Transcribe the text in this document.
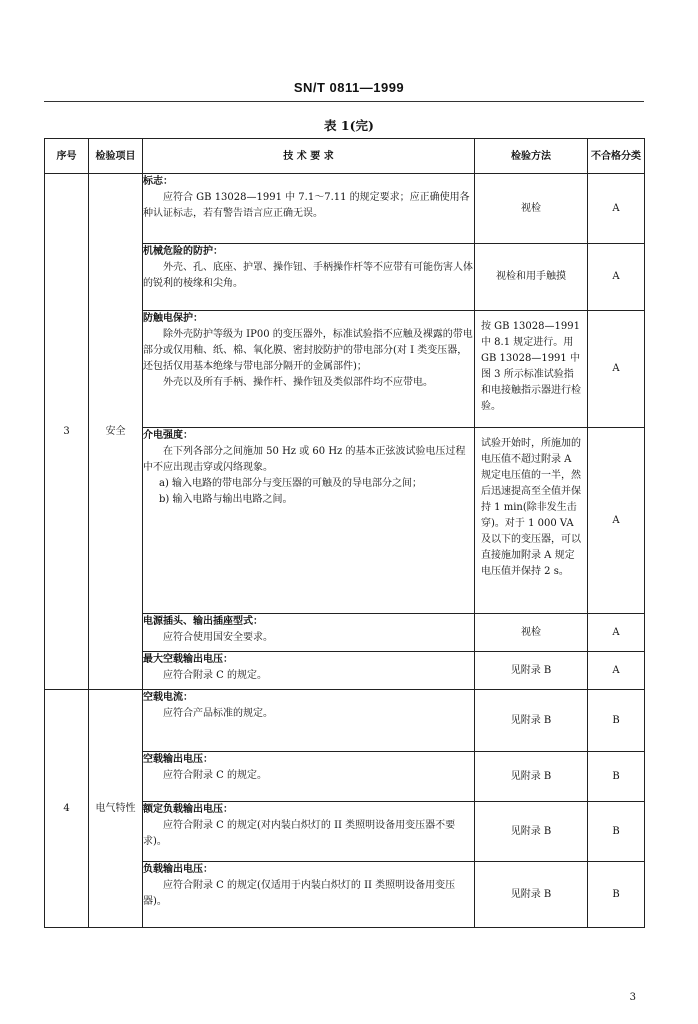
SN/T 0811—1999
表 1(完)
序号	检验项目	技 术 要 求	检验方法	不合格分类
3	安全	标志：
应符合 GB 13028—1991 中 7.1～7.11 的规定要求；应正确使用各种认证标志，若有警告语言应正确无误。	视检	A

		机械危险的防护：
外壳、孔、底座、护罩、操作钮、手柄操作杆等不应带有可能伤害人体的锐利的棱缘和尖角。	视检和用手触摸	A

		防触电保护：
除外壳防护等级为 IP00 的变压器外，标准试验指不应触及裸露的带电部分或仅用釉、纸、棉、氧化膜、密封胶防护的带电部分(对 I 类变压器，还包括仅用基本绝缘与带电部分隔开的金属部件)；
外壳以及所有手柄、操作杆、操作钮及类似部件均不应带电。	按 GB 13028—1991 中 8.1 规定进行。用 GB 13028—1991 中图 3 所示标准试验指和电接触指示器进行检验。	A

		介电强度：
在下列各部分之间施加 50 Hz 或 60 Hz 的基本正弦波试验电压过程中不应出现击穿或闪络现象。
a) 输入电路的带电部分与变压器的可触及的导电部分之间；
b) 输入电路与输出电路之间。	试验开始时，所施加的电压值不超过附录 A 规定电压值的一半，然后迅速提高至全值并保持 1 min(除非发生击穿)。对于 1 000 VA 及以下的变压器，可以直接施加附录 A 规定电压值并保持 2 s。	A

		电源插头、输出插座型式：
应符合使用国安全要求。	视检	A

		最大空载输出电压：
应符合附录 C 的规定。	见附录 B	A
4	电气特性	空载电流：
应符合产品标准的规定。	见附录 B	B

		空载输出电压：
应符合附录 C 的规定。	见附录 B	B

		额定负载输出电压：
应符合附录 C 的规定(对内装白炽灯的 II 类照明设备用变压器不要求)。	见附录 B	B

		负载输出电压：
应符合附录 C 的规定(仅适用于内装白炽灯的 II 类照明设备用变压器)。	见附录 B	B
3
